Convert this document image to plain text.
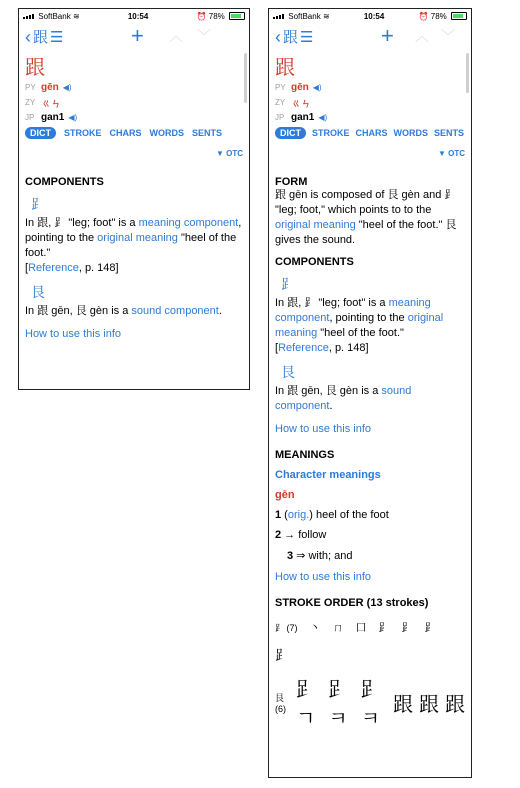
SoftBank ≋	10:54	⏰ 78%
‹ 跟 ☰	+ ︿ ﹀
跟
PY gēn ◀)
ZY ㄍㄣ
JP gan1 ◀)
DICT	STROKE CHARS WORDS SENTS
▼ OTC
COMPONENTS
⻊
In 跟, ⻊ "leg; foot" is a meaning component, pointing to the original meaning "heel of the foot."
[Reference, p. 148]
艮
In 跟 gēn, 艮 gèn is a sound component.
How to use this info
SoftBank ≋	10:54	⏰ 78%
‹ 跟 ☰	+ ︿ ﹀
跟
PY gēn ◀)
ZY ㄍㄣ
JP gan1 ◀)
DICT	STROKE CHARS WORDS SENTS
▼ OTC
FORM
跟 gēn is composed of 艮 gèn and ⻊ "leg; foot," which points to to the original meaning "heel of the foot." 艮 gives the sound.
COMPONENTS
⻊
In 跟, ⻊ "leg; foot" is a meaning component, pointing to the original meaning "heel of the foot."
[Reference, p. 148]
艮
In 跟 gēn, 艮 gèn is a sound component.
How to use this info
MEANINGS
Character meanings
gēn
1 (orig.) heel of the foot
2 → follow
3 ⇒ with; and
How to use this info
STROKE ORDER (13 strokes)
⻊ (7) 丶 ㄇ 口 ⻊ ⻊ ⻊
⻊
艮 (6)
𧾷ㄱ
𧾷ㅋ
𧾷ㅋ
跟 跟 跟
